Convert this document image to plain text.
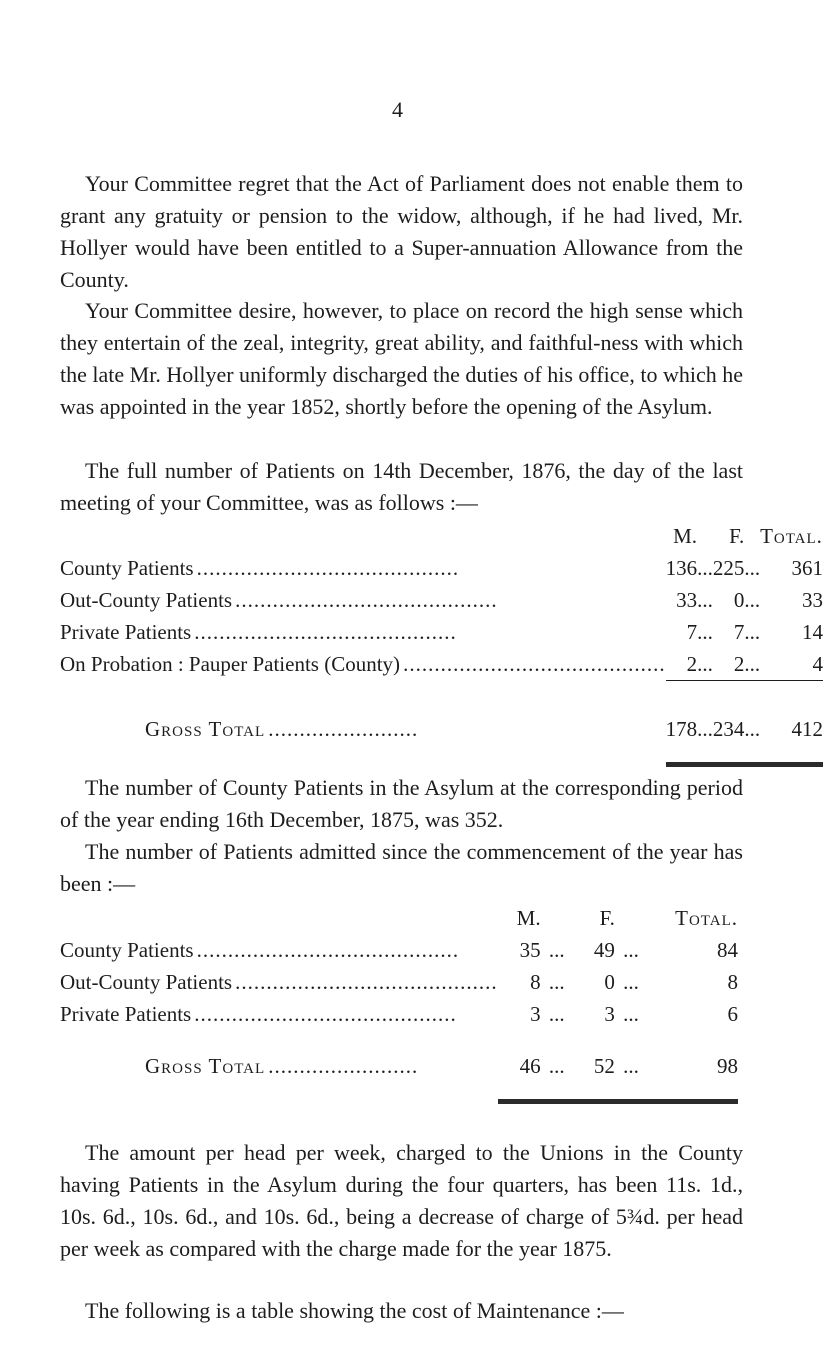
4

Your Committee regret that the Act of Parliament does not enable them to grant any gratuity or pension to the widow, although, if he had lived, Mr. Hollyer would have been entitled to a Super-annuation Allowance from the County.

Your Committee desire, however, to place on record the high sense which they entertain of the zeal, integrity, great ability, and faithful-ness with which the late Mr. Hollyer uniformly discharged the duties of his office, to which he was appointed in the year 1852, shortly before the opening of the Asylum.

The full number of Patients on 14th December, 1876, the day of the last meeting of your Committee, was as follows :—

	M.		F.		Total.
County Patients ..........................................	136	...	225	...	361
Out-County Patients ..........................................	33	...	0	...	33
Private Patients ..........................................	7	...	7	...	14
On Probation : Pauper Patients (County) ..........................................	2	...	2	...	4

Gross Total ........................	178	...	234	...	412

The number of County Patients in the Asylum at the corresponding period of the year ending 16th December, 1875, was 352.

The number of Patients admitted since the commencement of the year has been :—

	M.		F.		Total.
County Patients ..........................................	35	...	49	...	84
Out-County Patients ..........................................	8	...	0	...	8
Private Patients ..........................................	3	...	3	...	6

Gross Total ........................	46	...	52	...	98

The amount per head per week, charged to the Unions in the County having Patients in the Asylum during the four quarters, has been 11s. 1d., 10s. 6d., 10s. 6d., and 10s. 6d., being a decrease of charge of 5¾d. per head per week as compared with the charge made for the year 1875.

The following is a table showing the cost of Maintenance :—
